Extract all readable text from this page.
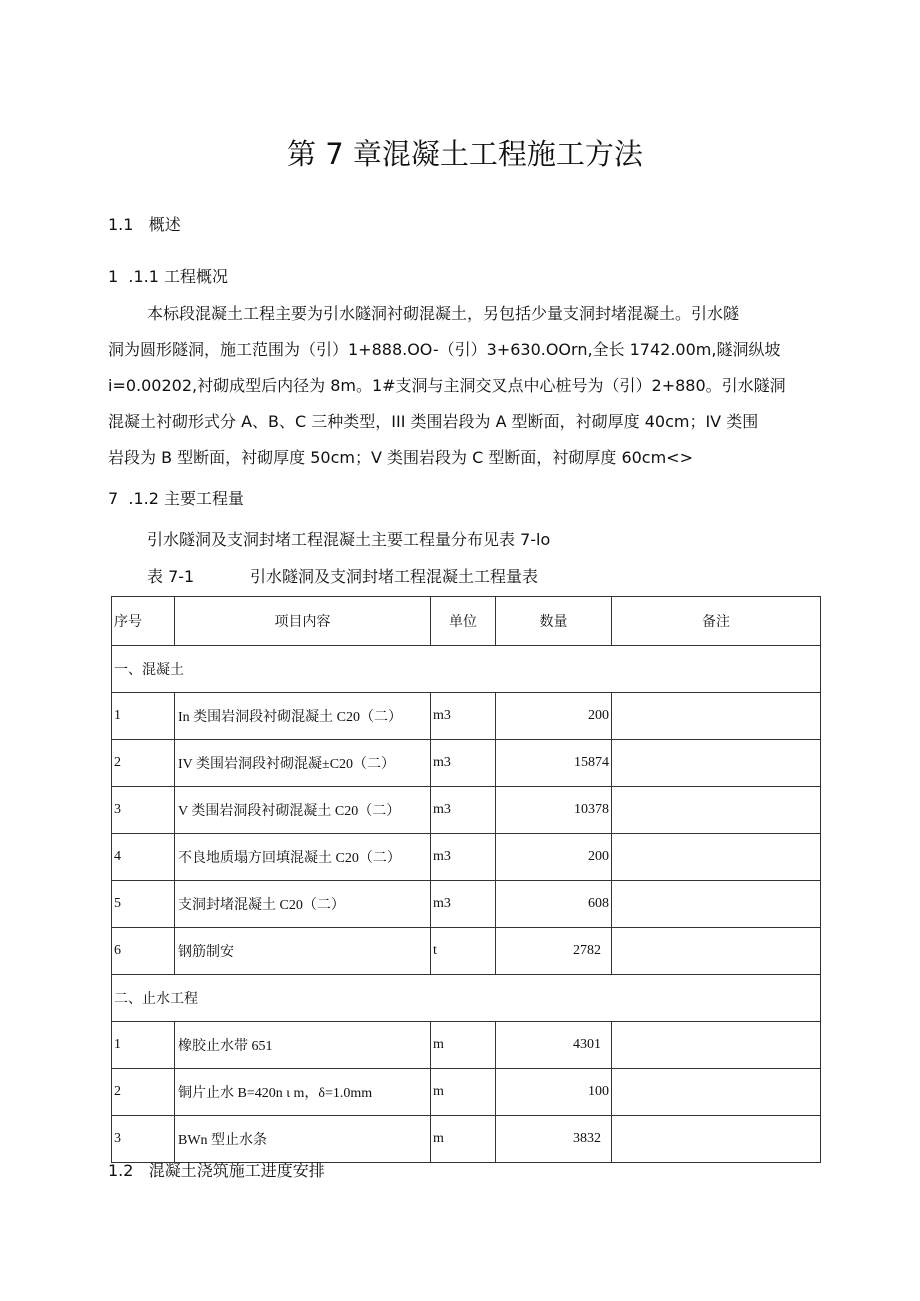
第 7 章混凝土工程施工方法
1.1   概述
1  .1.1 工程概况
本标段混凝土工程主要为引水隧洞衬砌混凝土，另包括少量支洞封堵混凝土。引水隧
洞为圆形隧洞，施工范围为（引）1+888.OO-（引）3+630.OOrn,全长 1742.00m,隧洞纵坡
i=0.00202,衬砌成型后内径为 8m。1#支洞与主洞交叉点中心桩号为（引）2+880。引水隧洞
混凝土衬砌形式分 A、B、C 三种类型，III 类围岩段为 A 型断面，衬砌厚度 40cm；IV 类围
岩段为 B 型断面，衬砌厚度 50cm；V 类围岩段为 C 型断面，衬砌厚度 60cm<>
7  .1.2 主要工程量
引水隧洞及支洞封堵工程混凝土主要工程量分布见表 7-lo
表 7-1	引水隧洞及支洞封堵工程混凝土工程量表
序号	项目内容	单位	数量	备注
一、混凝土				
1	In 类围岩洞段衬砌混凝土 C20（二）	m3	200	
2	IV 类围岩洞段衬砌混凝±C20（二）	m3	15874	
3	V 类围岩洞段衬砌混凝土 C20（二）	m3	10378	
4	不良地质塌方回填混凝土 C20（二）	m3	200	
5	支洞封堵混凝土 C20（二）	m3	608	
6	钢筋制安	t	2782	
二、止水工程				
1	橡胶止水带 651	m	4301	
2	铜片止水 B=420n ι m，δ=1.0mm	m	100	
3	BWn 型止水条	m	3832	
1.2   混凝土浇筑施工进度安排
